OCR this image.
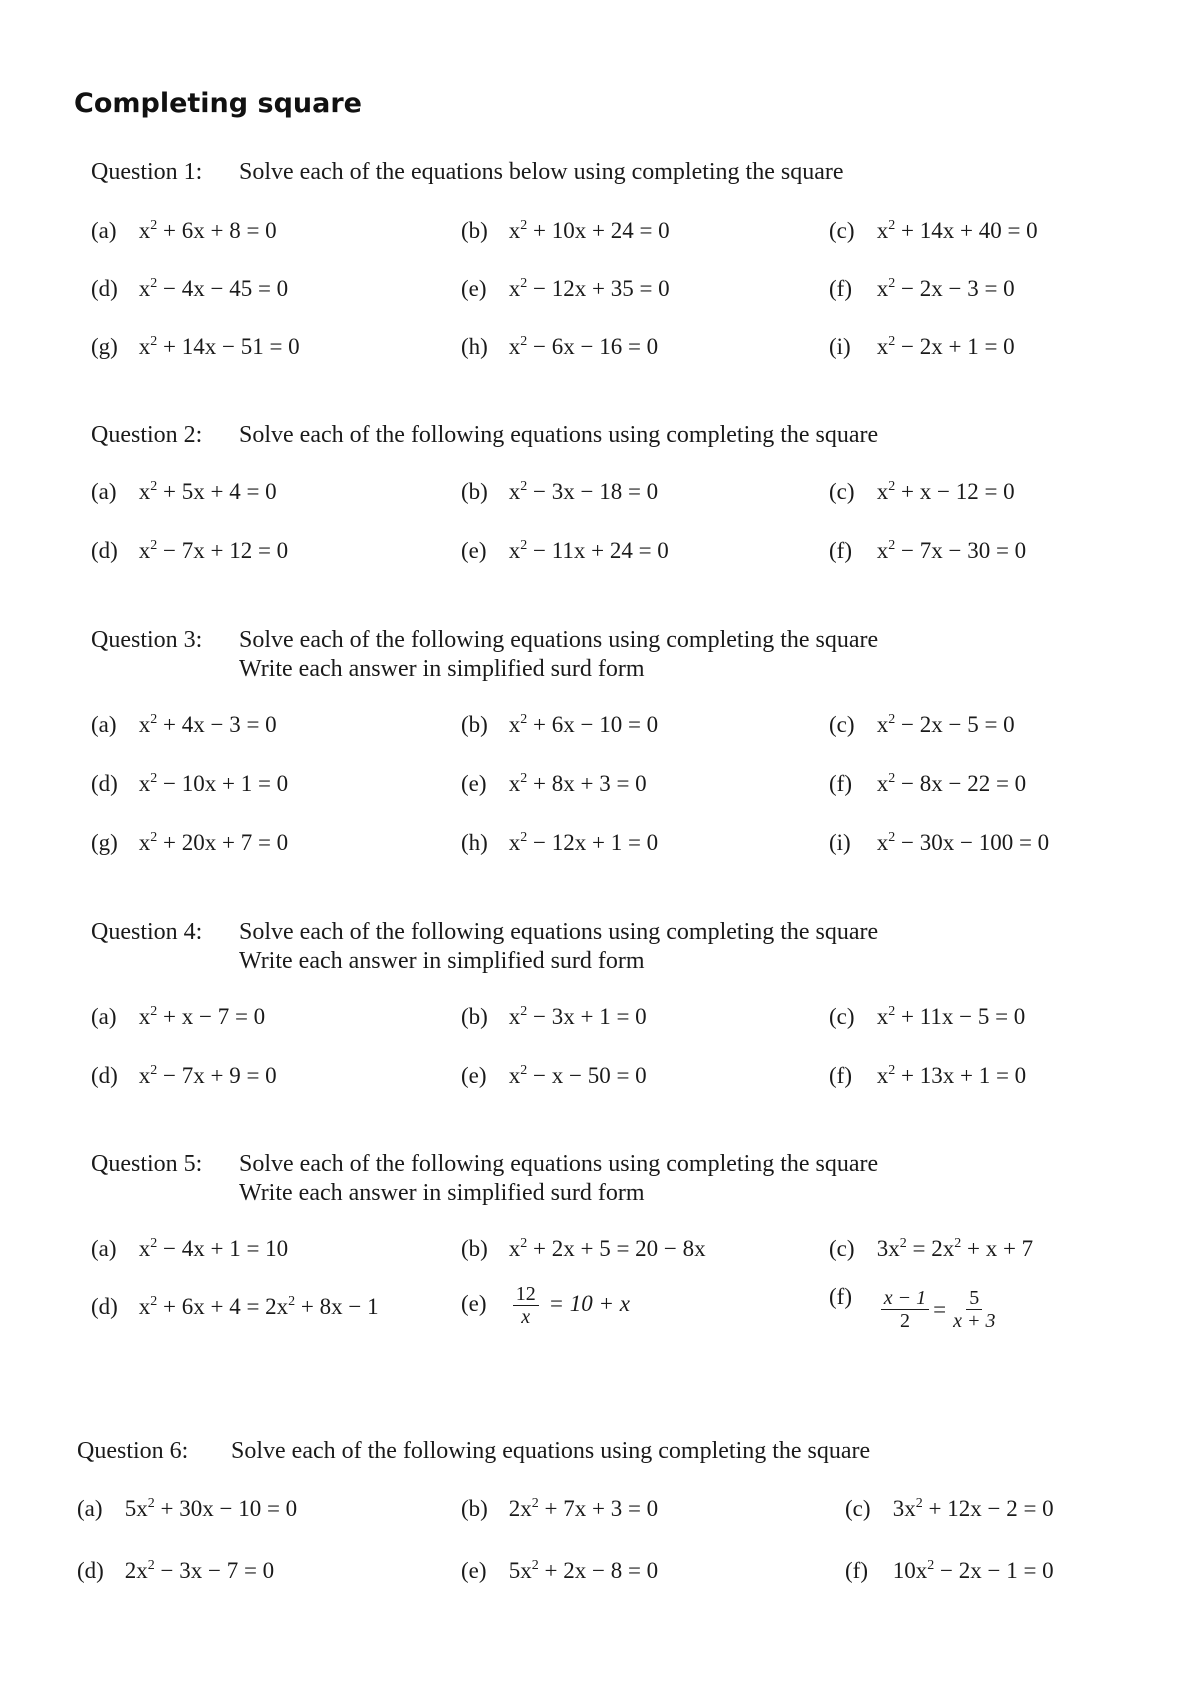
Completing square
Question 1: Solve each of the equations below using completing the square
(a) $x^2 + 6x + 8 = 0$	(b) $x^2 + 10x + 24 = 0$	(c) $x^2 + 14x + 40 = 0$
(d) $x^2 - 4x - 45 = 0$	(e) $x^2 - 12x + 35 = 0$	(f) $x^2 - 2x - 3 = 0$
(g) $x^2 + 14x - 51 = 0$	(h) $x^2 - 6x - 16 = 0$	(i) $x^2 - 2x + 1 = 0$
Question 2: Solve each of the following equations using completing the square
(a) $x^2 + 5x + 4 = 0$	(b) $x^2 - 3x - 18 = 0$	(c) $x^2 + x - 12 = 0$
(d) $x^2 - 7x + 12 = 0$	(e) $x^2 - 11x + 24 = 0$	(f) $x^2 - 7x - 30 = 0$
Question 3: Solve each of the following equations using completing the square
Write each answer in simplified surd form
(a) $x^2 + 4x - 3 = 0$	(b) $x^2 + 6x - 10 = 0$	(c) $x^2 - 2x - 5 = 0$
(d) $x^2 - 10x + 1 = 0$	(e) $x^2 + 8x + 3 = 0$	(f) $x^2 - 8x - 22 = 0$
(g) $x^2 + 20x + 7 = 0$	(h) $x^2 - 12x + 1 = 0$	(i) $x^2 - 30x - 100 = 0$
Question 4: Solve each of the following equations using completing the square
Write each answer in simplified surd form
(a) $x^2 + x - 7 = 0$	(b) $x^2 - 3x + 1 = 0$	(c) $x^2 + 11x - 5 = 0$
(d) $x^2 - 7x + 9 = 0$	(e) $x^2 - x - 50 = 0$	(f) $x^2 + 13x + 1 = 0$
Question 5: Solve each of the following equations using completing the square
Write each answer in simplified surd form
(a) $x^2 - 4x + 1 = 10$	(b) $x^2 + 2x + 5 = 20 - 8x$	(c) $3x^2 = 2x^2 + x + 7$
(d) $x^2 + 6x + 4 = 2x^2 + 8x - 1$	$(e) \frac{12}{x} = 10 + x$	$(f) \frac{x - 1}{2} = \frac{5}{x + 3}$
Question 6: Solve each of the following equations using completing the square
(a) $5x^2 + 30x - 10 = 0$	(b) $2x^2 + 7x + 3 = 0$	(c) $3x^2 + 12x - 2 = 0$
(d) $2x^2 - 3x - 7 = 0$	(e) $5x^2 + 2x - 8 = 0$	(f) $10x^2 - 2x - 1 = 0$
